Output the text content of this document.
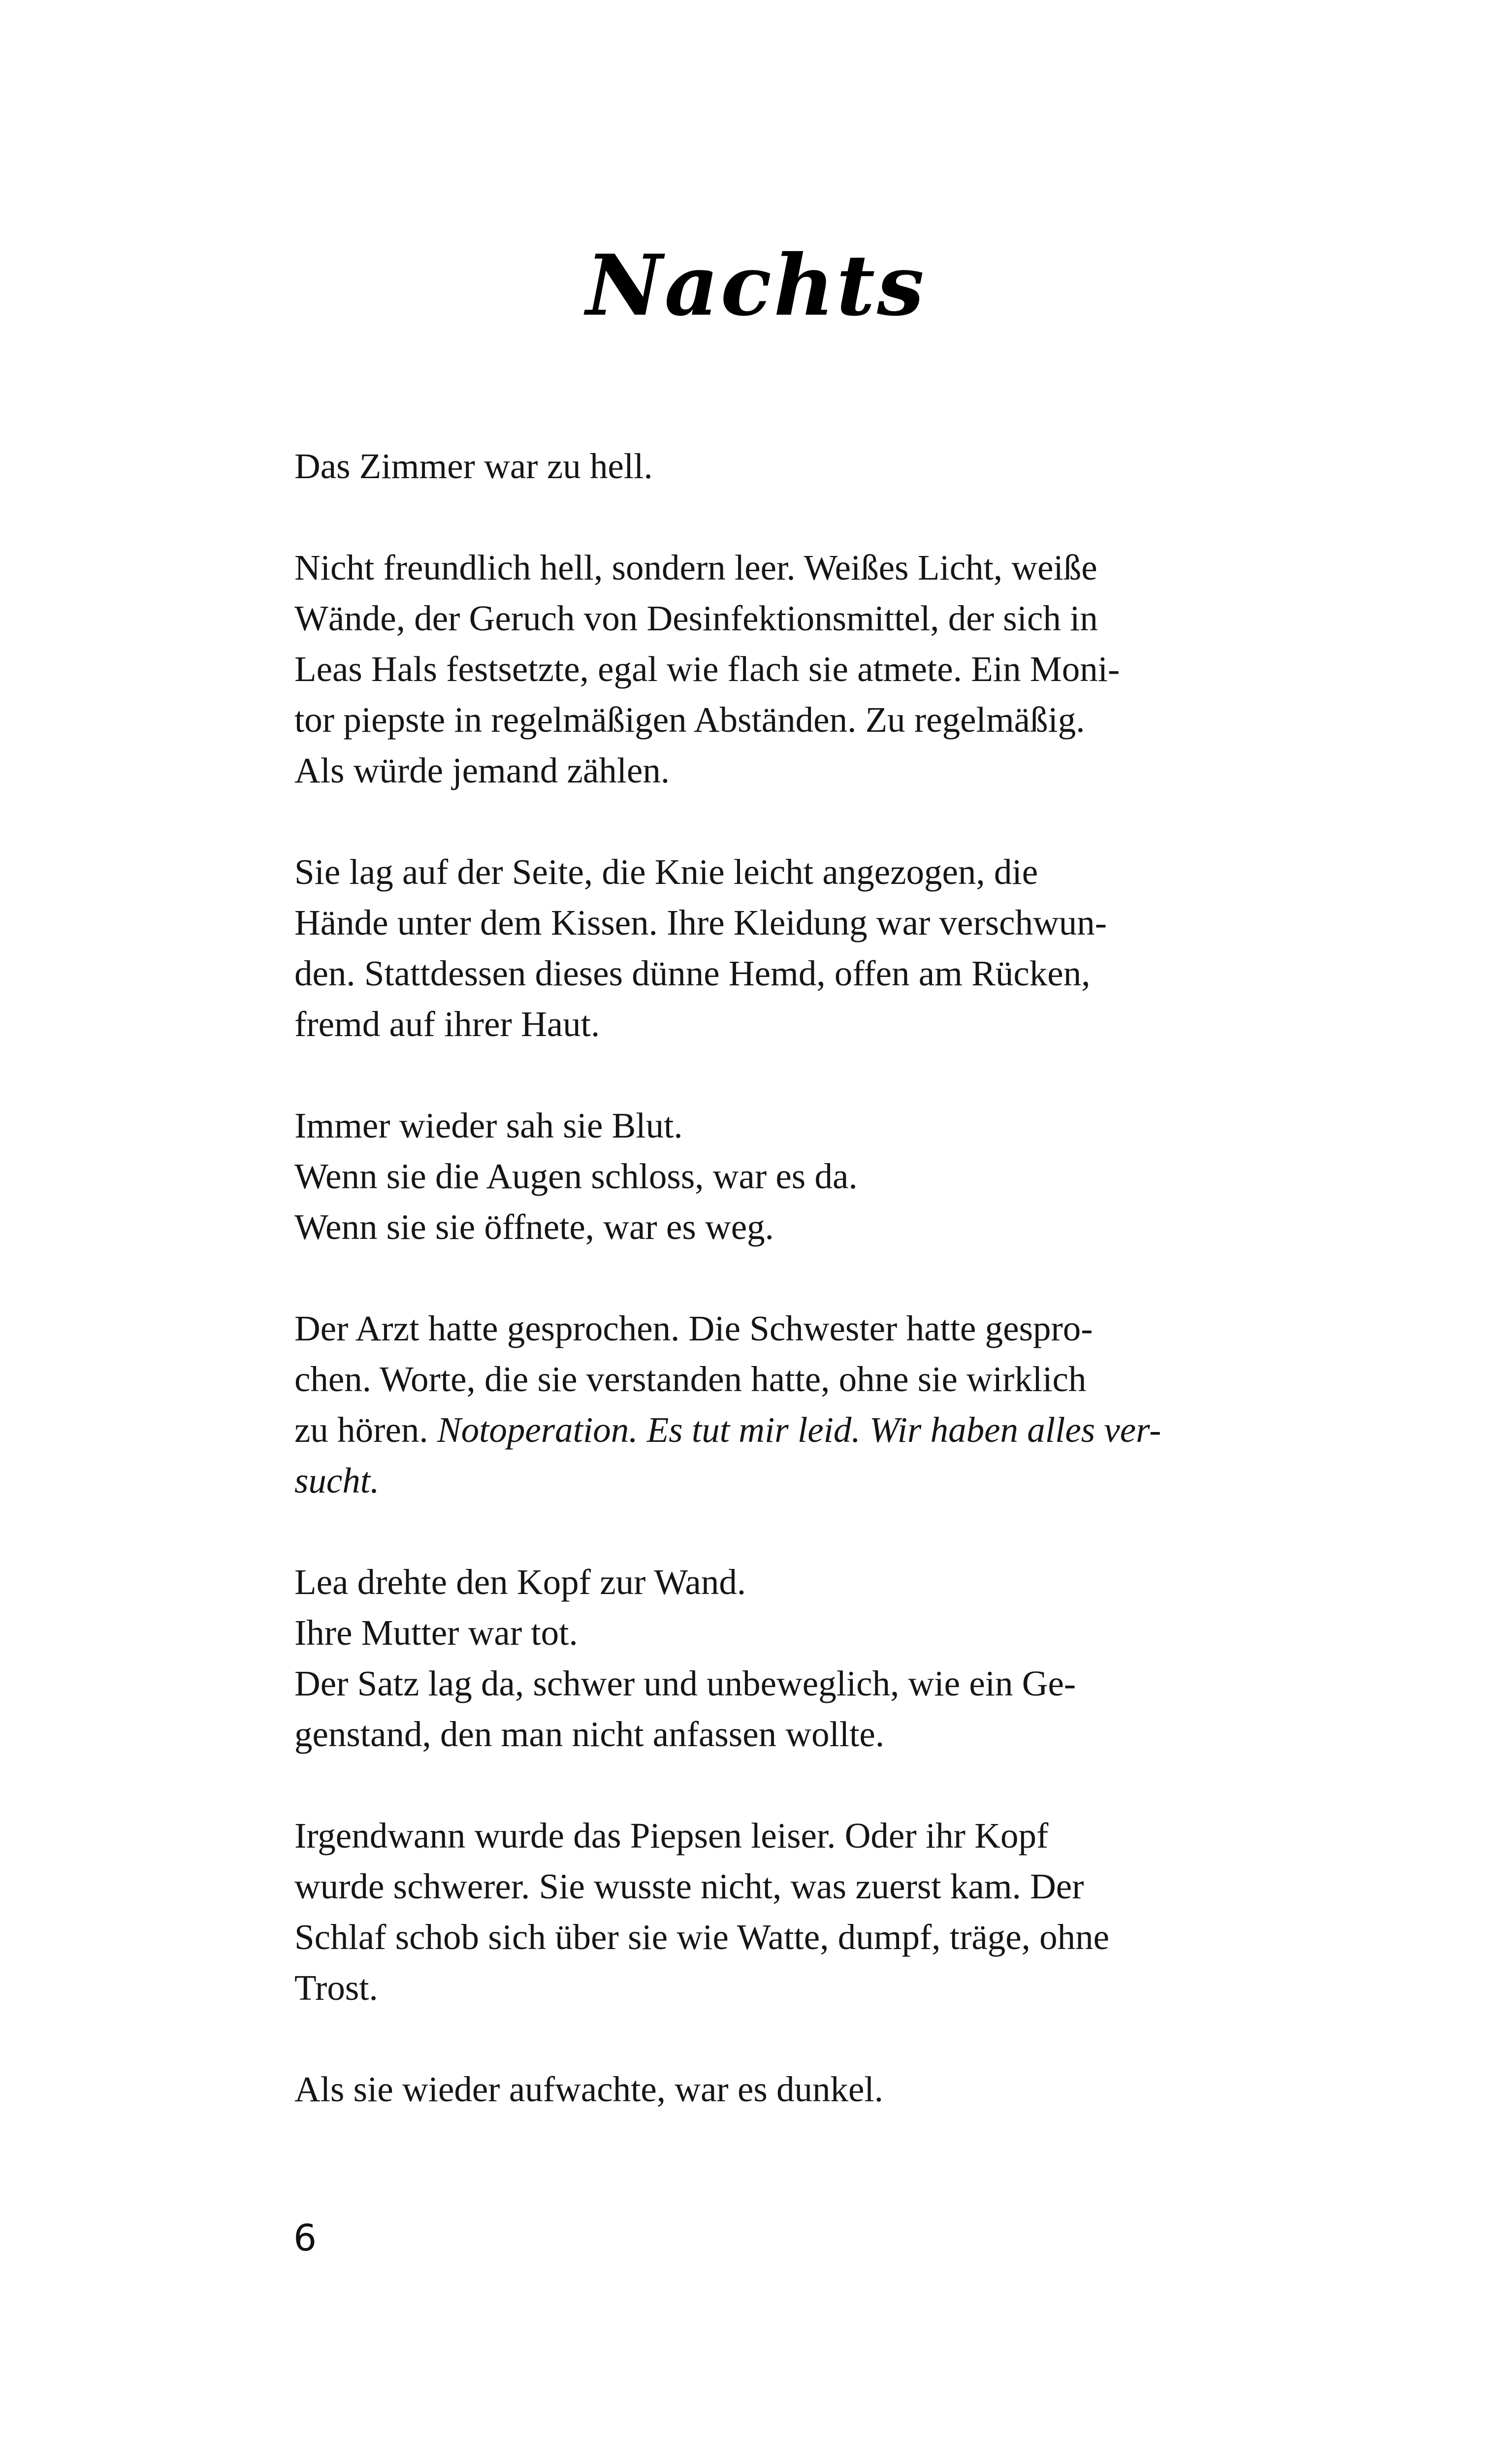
Nachts
Das Zimmer war zu hell.
Nicht freundlich hell, sondern leer. Weißes Licht, weiße
Wände, der Geruch von Desinfektionsmittel, der sich in
Leas Hals festsetzte, egal wie flach sie atmete. Ein Moni-
tor piepste in regelmäßigen Abständen. Zu regelmäßig.
Als würde jemand zählen.
Sie lag auf der Seite, die Knie leicht angezogen, die
Hände unter dem Kissen. Ihre Kleidung war verschwun-
den. Stattdessen dieses dünne Hemd, offen am Rücken,
fremd auf ihrer Haut.
Immer wieder sah sie Blut.
Wenn sie die Augen schloss, war es da.
Wenn sie sie öffnete, war es weg.
Der Arzt hatte gesprochen. Die Schwester hatte gespro-
chen. Worte, die sie verstanden hatte, ohne sie wirklich
zu hören. Notoperation. Es tut mir leid. Wir haben alles ver-
sucht.
Lea drehte den Kopf zur Wand.
Ihre Mutter war tot.
Der Satz lag da, schwer und unbeweglich, wie ein Ge-
genstand, den man nicht anfassen wollte.
Irgendwann wurde das Piepsen leiser. Oder ihr Kopf
wurde schwerer. Sie wusste nicht, was zuerst kam. Der
Schlaf schob sich über sie wie Watte, dumpf, träge, ohne
Trost.
Als sie wieder aufwachte, war es dunkel.
6
